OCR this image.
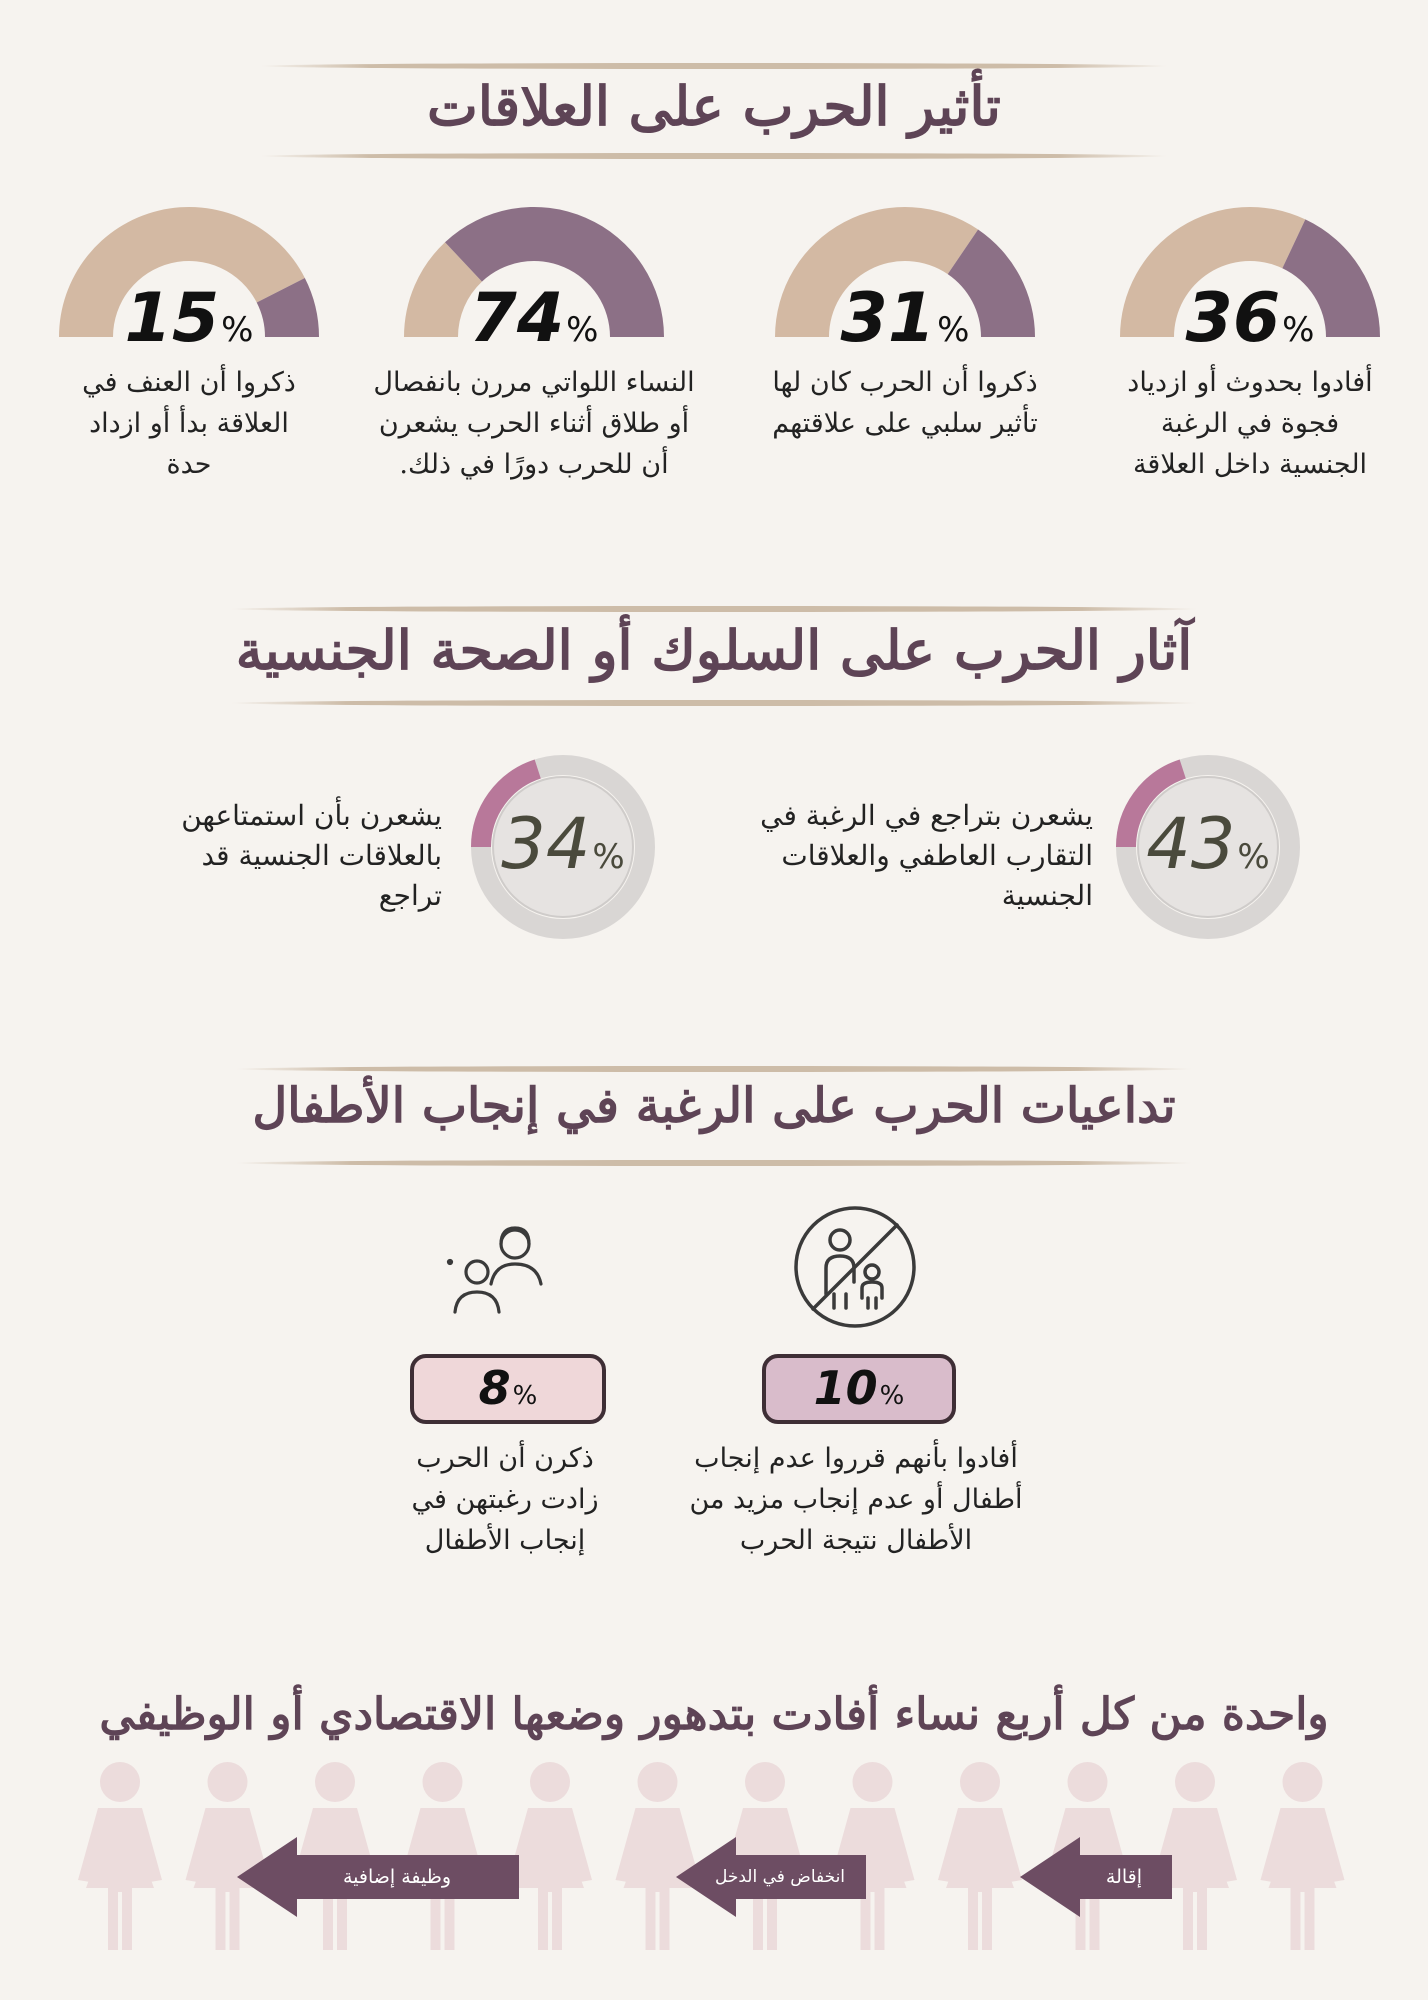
تأثير الحرب على العلاقات
36%
31%
74%
15%
أفادوا بحدوث أو ازدياد فجوة في الرغبة الجنسية داخل العلاقة
ذكروا أن الحرب كان لها تأثير سلبي على علاقتهم
النساء اللواتي مررن بانفصال أو طلاق أثناء الحرب يشعرن أن للحرب دورًا في ذلك.
ذكروا أن العنف في العلاقة بدأ أو ازداد حدة
آثار الحرب على السلوك أو الصحة الجنسية
43%
يشعرن بتراجع في الرغبة في التقارب العاطفي والعلاقات الجنسية
34%
يشعرن بأن استمتاعهن بالعلاقات الجنسية قد تراجع
تداعيات الحرب على الرغبة في إنجاب الأطفال
10%
8%
أفادوا بأنهم قرروا عدم إنجاب أطفال أو عدم إنجاب مزيد من الأطفال نتيجة الحرب
ذكرن أن الحرب زادت رغبتهن في إنجاب الأطفال
واحدة من كل أربع نساء أفادت بتدهور وضعها الاقتصادي أو الوظيفي
إقالة
انخفاض في الدخل
وظيفة إضافية
